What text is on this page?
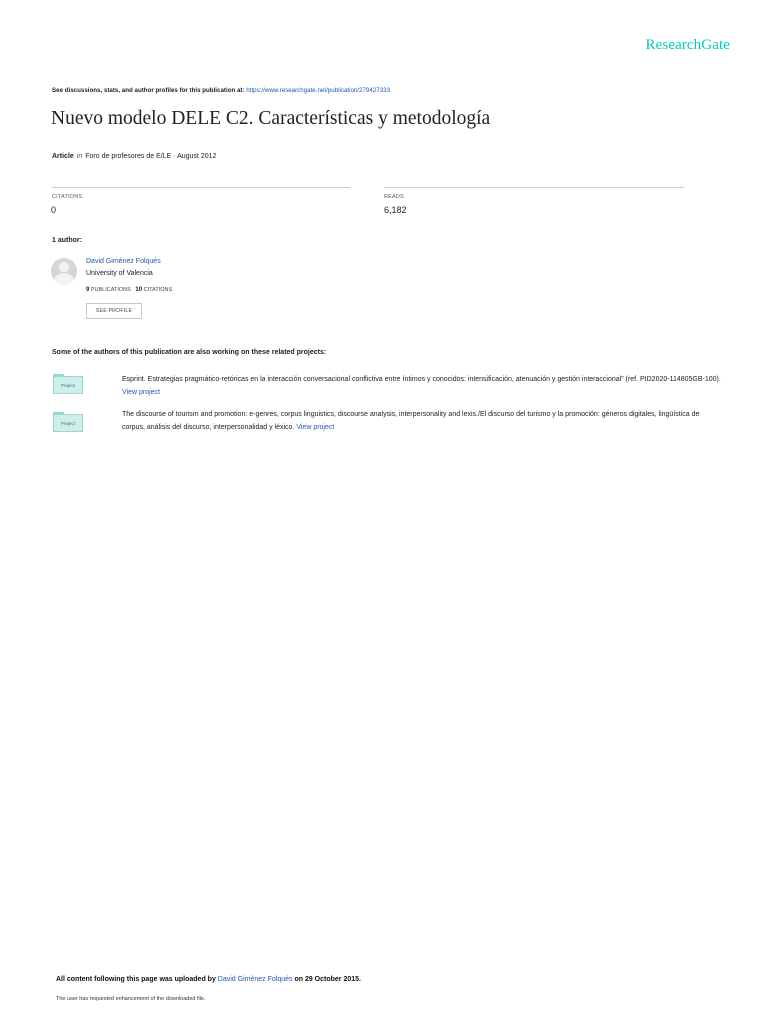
ResearchGate
See discussions, stats, and author profiles for this publication at: https://www.researchgate.net/publication/279427333
Nuevo modelo DELE C2. Características y metodología
Article in Foro de profesores de E/LE · August 2012
CITATIONS
0
READS
6,182
1 author:
David Giménez Folqués
University of Valencia
9 PUBLICATIONS 10 CITATIONS
SEE PROFILE
Some of the authors of this publication are also working on these related projects:
Project
Esprint. Estrategias pragmático-retóricas en la interacción conversacional conflictiva entre íntimos y conocidos: intensificación, atenuación y gestión interaccional" (ref. PID2020-114805GB-100). View project
Project
The discourse of tourism and promotion: e-genres, corpus linguistics, discourse analysis, interpersonality and lexis./El discurso del turismo y la promoción: géneros digitales, lingüística de corpus, análisis del discurso, interpersonalidad y léxico. View project
All content following this page was uploaded by David Giménez Folqués on 29 October 2015.
The user has requested enhancement of the downloaded file.
